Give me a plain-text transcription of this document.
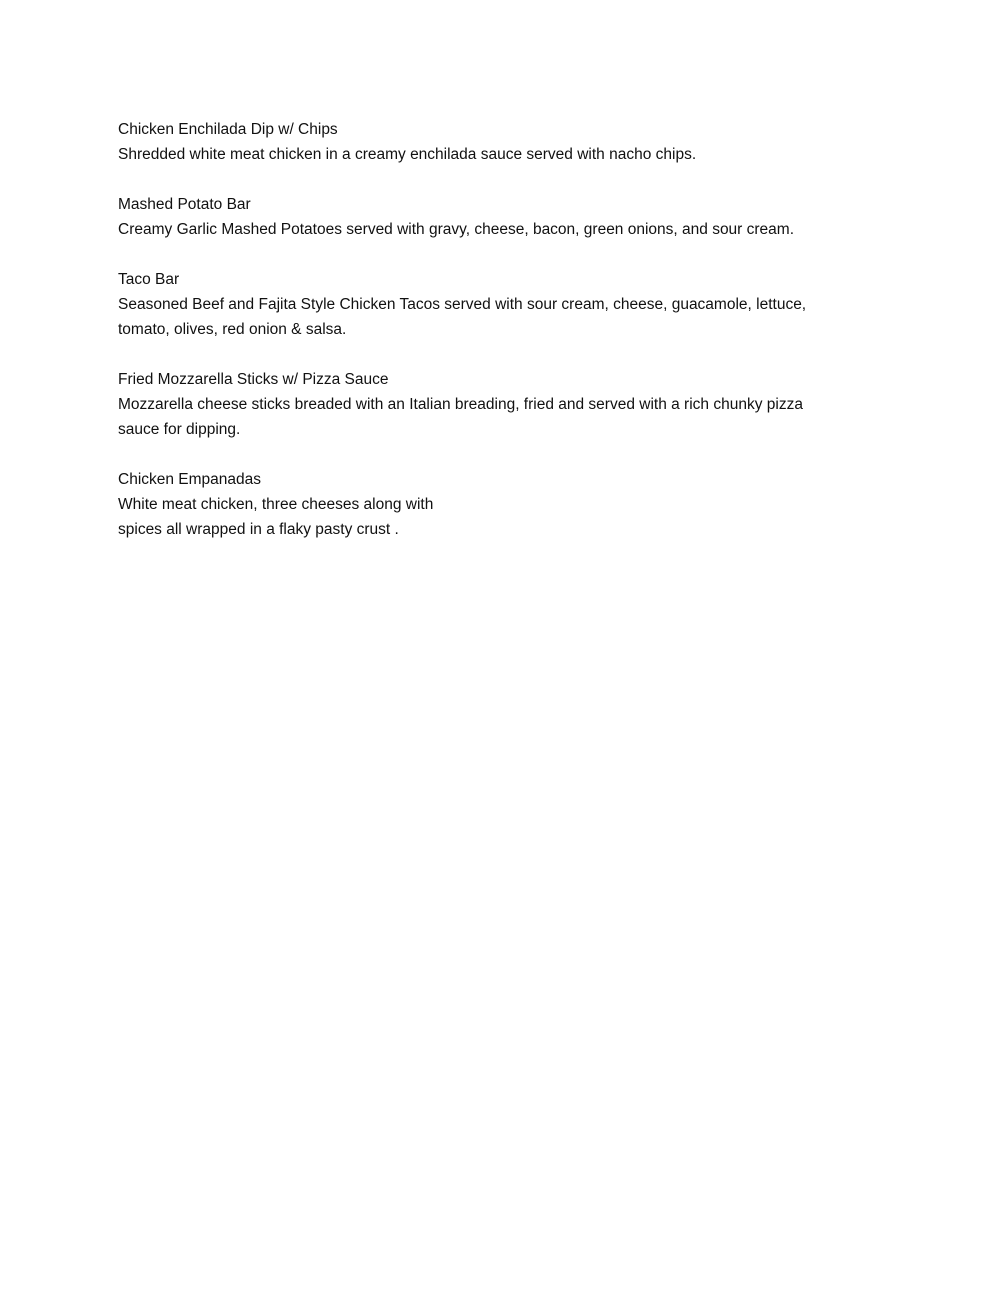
Chicken Enchilada Dip w/ Chips
Shredded white meat chicken in a creamy enchilada sauce served with nacho chips.
Mashed Potato Bar
Creamy Garlic Mashed Potatoes served with gravy, cheese, bacon, green onions, and sour cream.
Taco Bar
Seasoned Beef and Fajita Style Chicken Tacos served with sour cream, cheese, guacamole, lettuce,
tomato, olives, red onion & salsa.
Fried Mozzarella Sticks w/ Pizza Sauce
Mozzarella cheese sticks breaded with an Italian breading, fried and served with a rich chunky pizza
sauce for dipping.
Chicken Empanadas
White meat chicken, three cheeses along with
spices all wrapped in a flaky pasty crust .
